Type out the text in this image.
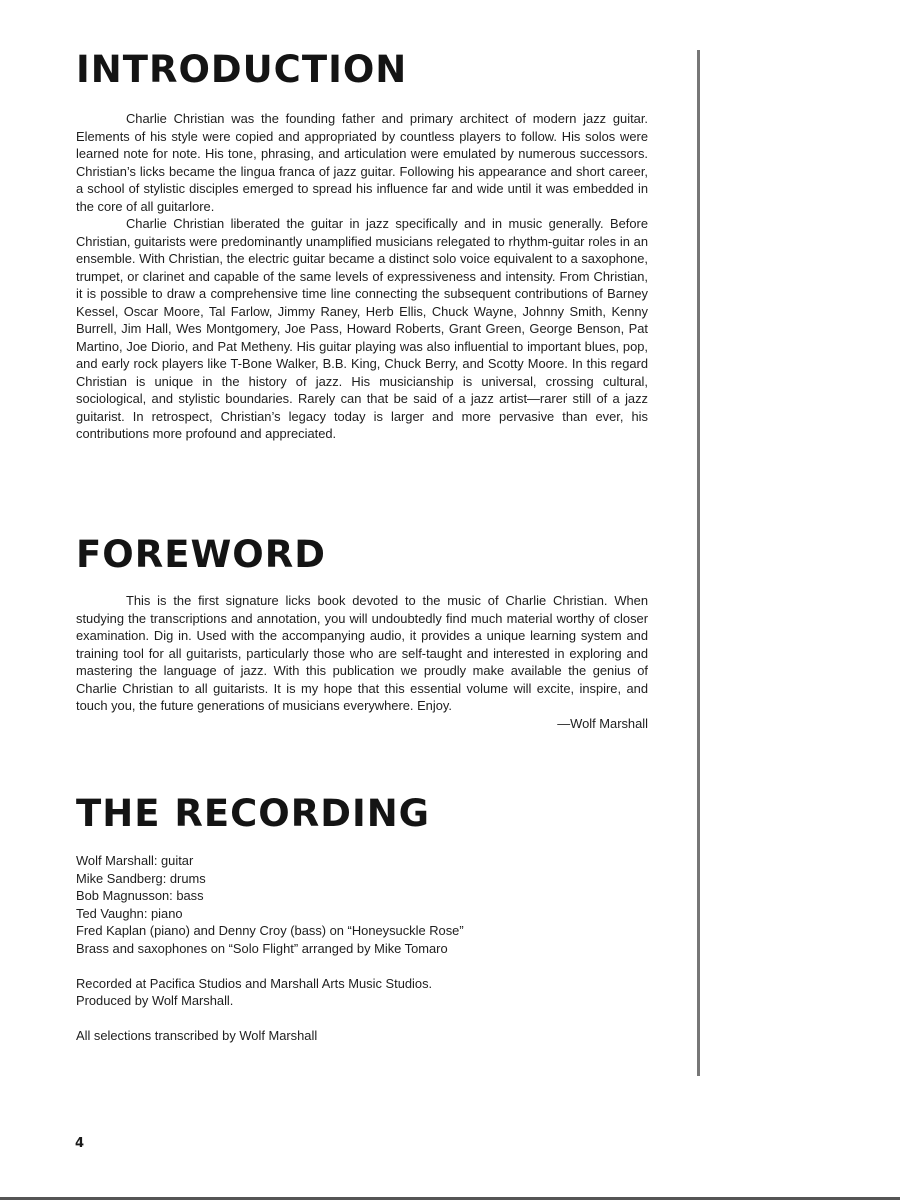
INTRODUCTION

Charlie Christian was the founding father and primary architect of modern jazz guitar. Elements of his style were copied and appropriated by countless players to follow. His solos were learned note for note. His tone, phrasing, and articulation were emulated by numerous successors. Christian’s licks became the lingua franca of jazz guitar. Following his appearance and short career, a school of stylistic disciples emerged to spread his influence far and wide until it was embedded in the core of all guitarlore.

Charlie Christian liberated the guitar in jazz specifically and in music generally. Before Christian, guitarists were predominantly unamplified musicians relegated to rhythm-guitar roles in an ensemble. With Christian, the electric guitar became a distinct solo voice equivalent to a saxophone, trumpet, or clarinet and capable of the same levels of expressiveness and intensity. From Christian, it is possible to draw a comprehensive time line connecting the subsequent contributions of Barney Kessel, Oscar Moore, Tal Farlow, Jimmy Raney, Herb Ellis, Chuck Wayne, Johnny Smith, Kenny Burrell, Jim Hall, Wes Montgomery, Joe Pass, Howard Roberts, Grant Green, George Benson, Pat Martino, Joe Diorio, and Pat Metheny. His guitar playing was also influential to important blues, pop, and early rock players like T-Bone Walker, B.B. King, Chuck Berry, and Scotty Moore. In this regard Christian is unique in the history of jazz. His musicianship is universal, crossing cultural, sociological, and stylistic boundaries. Rarely can that be said of a jazz artist—rarer still of a jazz guitarist. In retrospect, Christian’s legacy today is larger and more pervasive than ever, his contributions more profound and appreciated.

FOREWORD

This is the first signature licks book devoted to the music of Charlie Christian. When studying the transcriptions and annotation, you will undoubtedly find much material worthy of closer examination. Dig in. Used with the accompanying audio, it provides a unique learning system and training tool for all guitarists, particularly those who are self-taught and interested in exploring and mastering the language of jazz. With this publication we proudly make available the genius of Charlie Christian to all guitarists. It is my hope that this essential volume will excite, inspire, and touch you, the future generations of musicians everywhere. Enjoy.

—Wolf Marshall

THE RECORDING
Wolf Marshall: guitar
Mike Sandberg: drums
Bob Magnusson: bass
Ted Vaughn: piano
Fred Kaplan (piano) and Denny Croy (bass) on “Honeysuckle Rose”
Brass and saxophones on “Solo Flight” arranged by Mike Tomaro
Recorded at Pacifica Studios and Marshall Arts Music Studios.
Produced by Wolf Marshall.
All selections transcribed by Wolf Marshall
4
